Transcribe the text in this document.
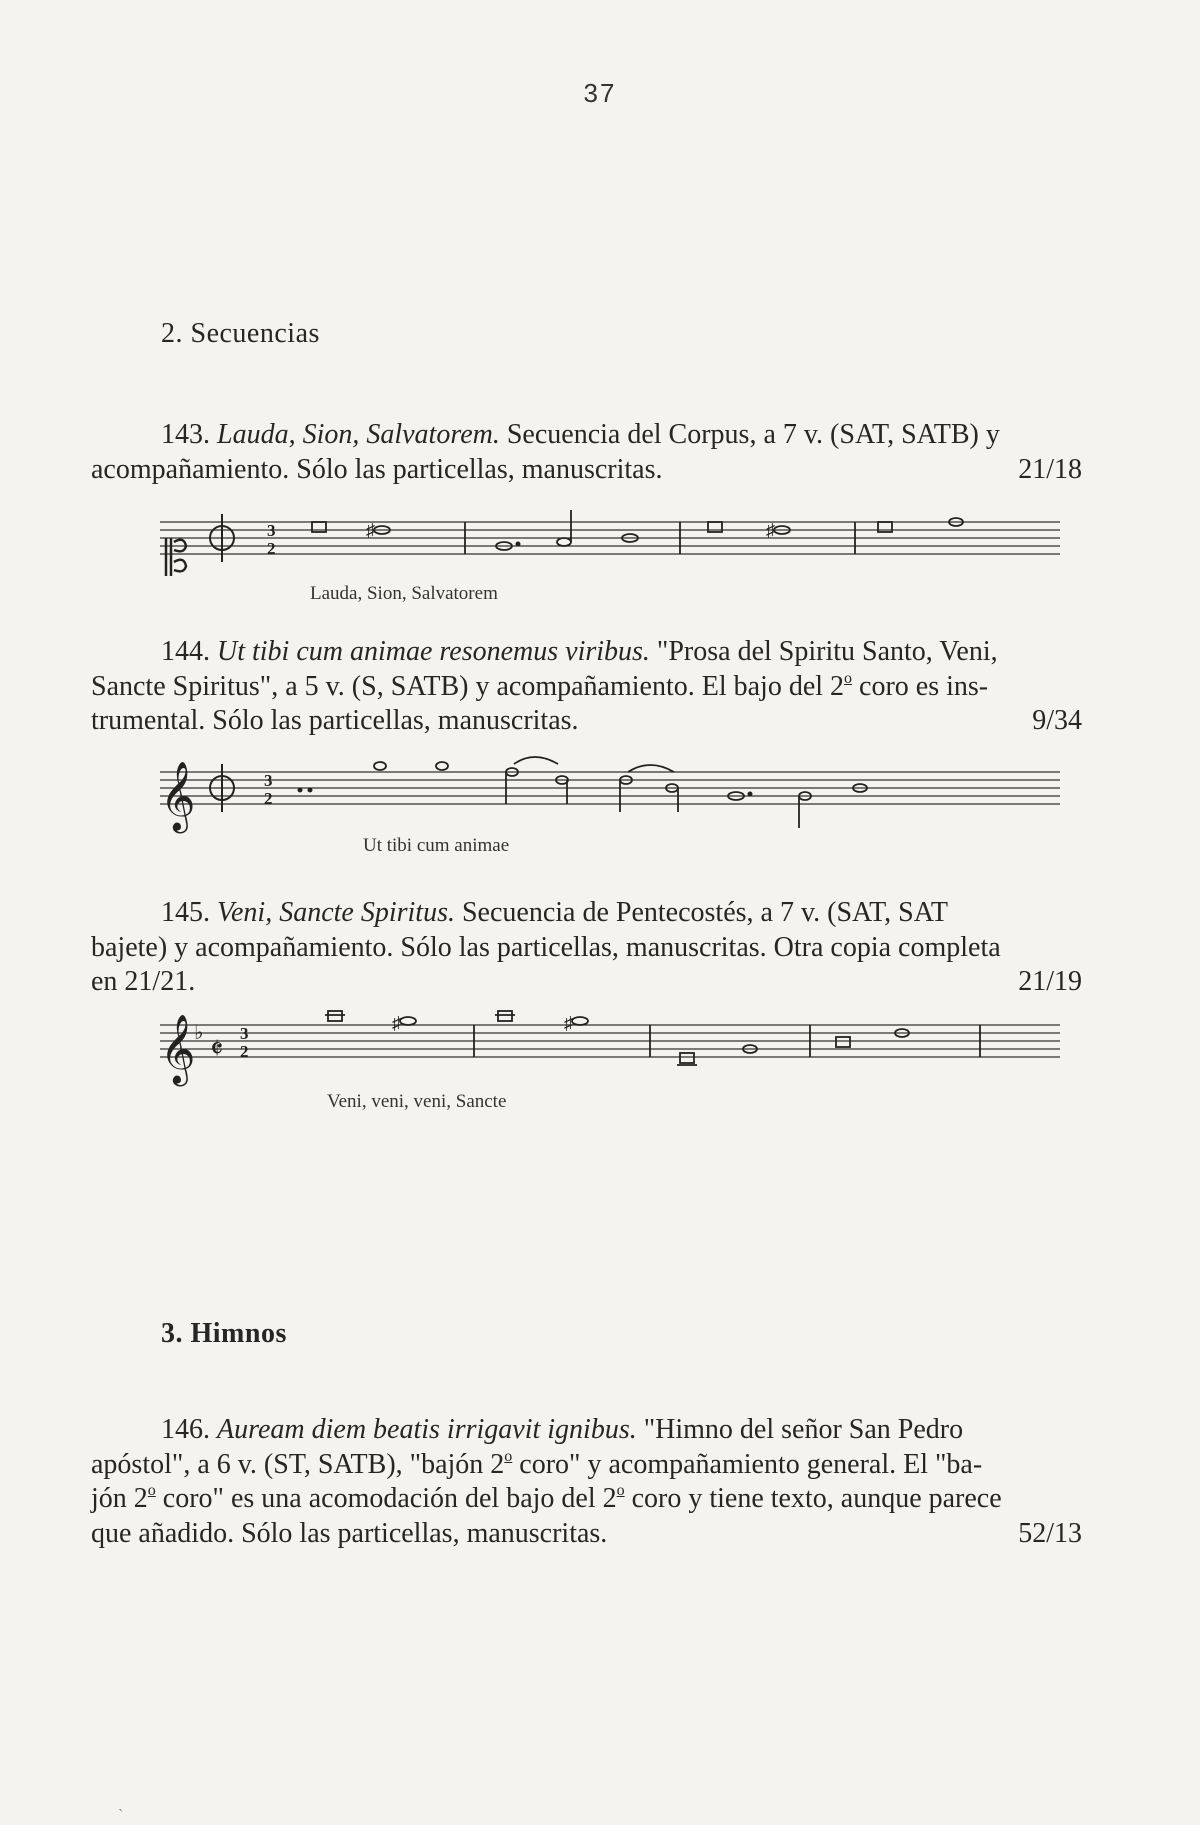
37
2. Secuencias

143. Lauda, Sion, Salvatorem. Secuencia del Corpus, a 7 v. (SAT, SATB) y

acompañamiento. Sólo las particellas, manuscritas.	21/18

3
2
♯	♯
Lauda, Sion, Salvatorem

144. Ut tibi cum animae resonemus viribus. "Prosa del Spiritu Santo, Veni,

Sancte Spiritus", a 5 v. (S, SATB) y acompañamiento. El bajo del 2$^o$ coro es ins-

trumental. Sólo las particellas, manuscritas.	9/34

𝄞	3
2
Ut tibi cum animae

145. Veni, Sancte Spiritus. Secuencia de Pentecostés, a 7 v. (SAT, SAT

bajete) y acompañamiento. Sólo las particellas, manuscritas. Otra copia completa

en 21/21.	21/19

𝄞
♭ 𝄵 3
2
♯	♯
Veni, veni, veni, Sancte
3. Himnos

146. Auream diem beatis irrigavit ignibus. "Himno del señor San Pedro

apóstol", a 6 v. (ST, SATB), "bajón 2$^o$ coro" y acompañamiento general. El "ba-

jón 2$^o$ coro" es una acomodación del bajo del 2$^o$ coro y tiene texto, aunque parece

que añadido. Sólo las particellas, manuscritas.	52/13

ˏ
